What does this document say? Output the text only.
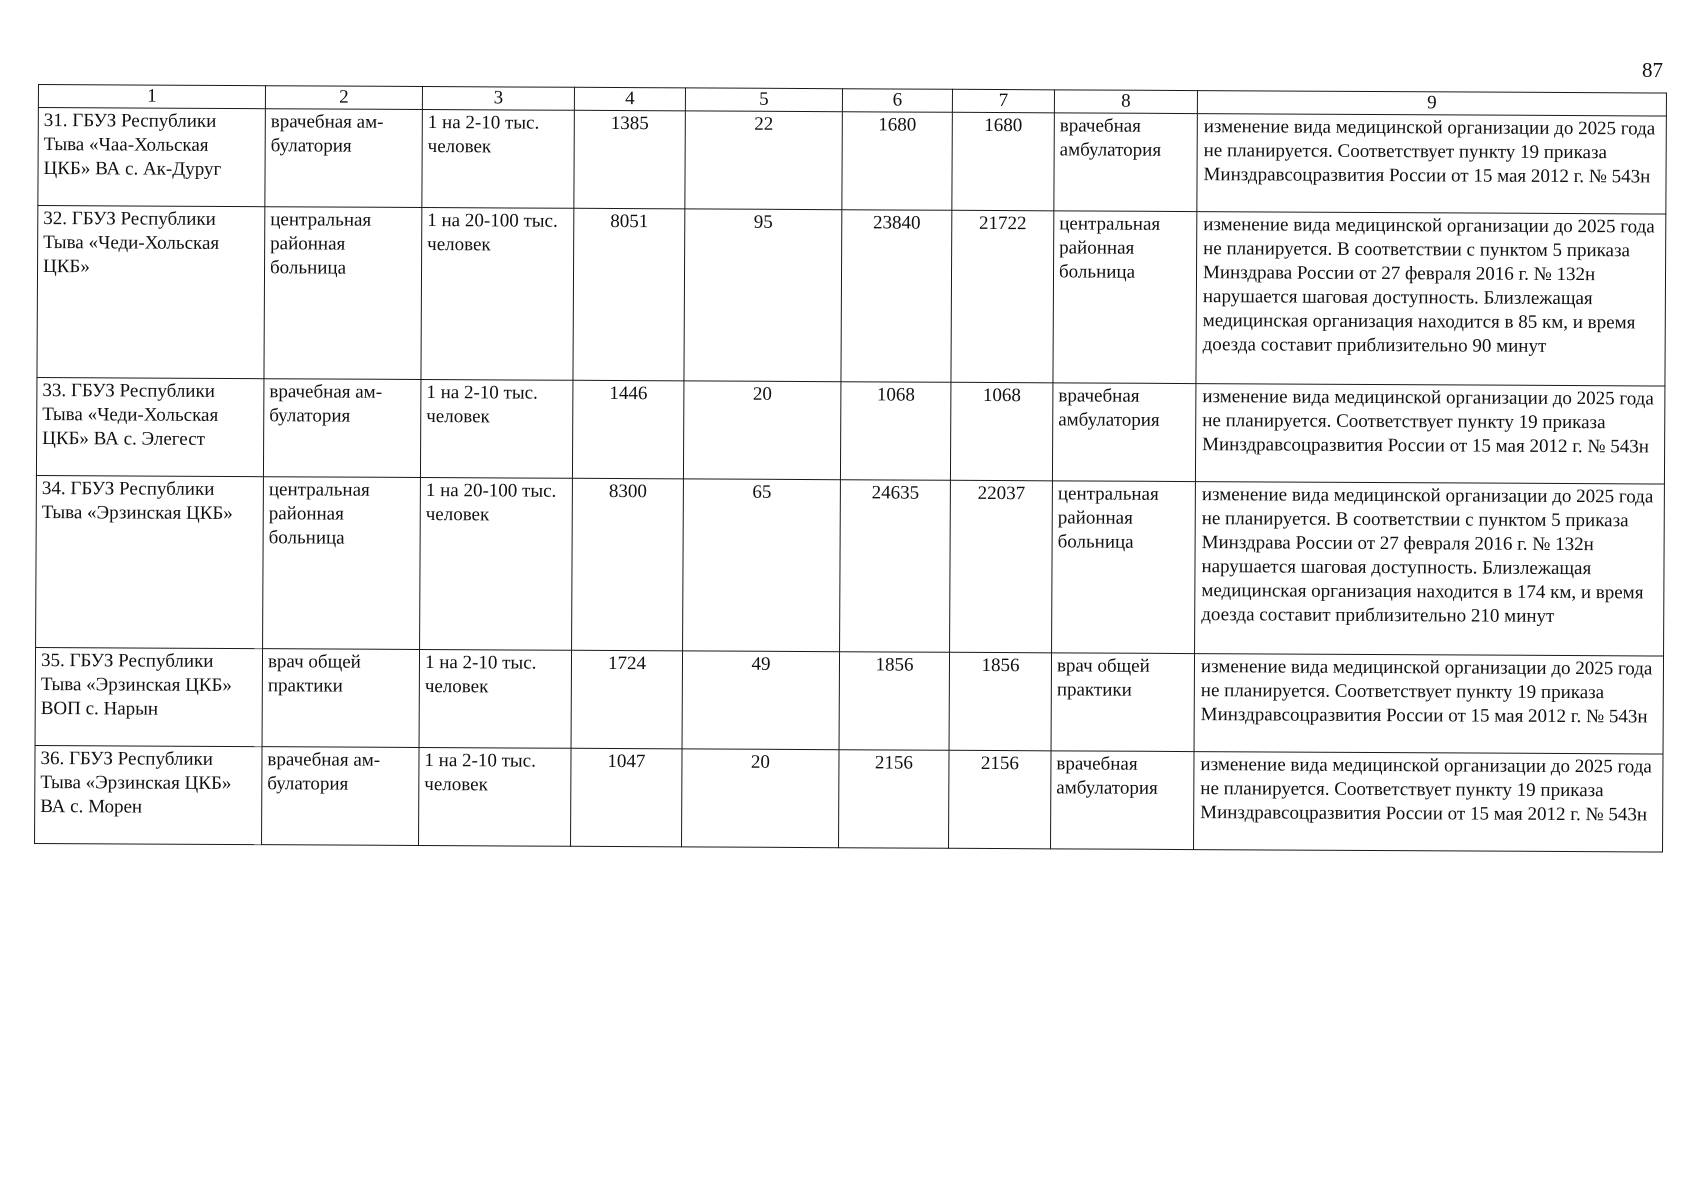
87
1	2	3	4	5	6	7	8	9
31. ГБУЗ Республики Тыва «Чаа-Хольская ЦКБ» ВА с. Ак-Дуруг	врачебная ам-булатория	1 на 2-10 тыс. человек	1385	22	1680	1680	врачебная амбулатория	изменение вида медицинской организации до 2025 года не планируется. Соответствует пункту 19 приказа Минздравсоцразвития России от 15 мая 2012 г. № 543н
32. ГБУЗ Республики Тыва «Чеди-Хольская ЦКБ»	центральная районная больница	1 на 20-100 тыс. человек	8051	95	23840	21722	центральная районная больница	изменение вида медицинской организации до 2025 года не планируется. В соответствии с пунктом 5 приказа Минздрава России от 27 февраля 2016 г. № 132н нарушается шаговая доступность. Близлежащая медицинская организация находится в 85 км, и время доезда составит приблизительно 90 минут
33. ГБУЗ Республики Тыва «Чеди-Хольская ЦКБ» ВА с. Элегест	врачебная ам-булатория	1 на 2-10 тыс. человек	1446	20	1068	1068	врачебная амбулатория	изменение вида медицинской организации до 2025 года не планируется. Соответствует пункту 19 приказа Минздравсоцразвития России от 15 мая 2012 г. № 543н
34. ГБУЗ Республики Тыва «Эрзинская ЦКБ»	центральная районная больница	1 на 20-100 тыс. человек	8300	65	24635	22037	центральная районная больница	изменение вида медицинской организации до 2025 года не планируется. В соответствии с пунктом 5 приказа Минздрава России от 27 февраля 2016 г. № 132н нарушается шаговая доступность. Близлежащая медицинская организация находится в 174 км, и время доезда составит приблизительно 210 минут
35. ГБУЗ Республики Тыва «Эрзинская ЦКБ» ВОП с. Нарын	врач общей практики	1 на 2-10 тыс. человек	1724	49	1856	1856	врач общей практики	изменение вида медицинской организации до 2025 года не планируется. Соответствует пункту 19 приказа Минздравсоцразвития России от 15 мая 2012 г. № 543н
36. ГБУЗ Республики Тыва «Эрзинская ЦКБ» ВА с. Морен	врачебная ам-булатория	1 на 2-10 тыс. человек	1047	20	2156	2156	врачебная амбулатория	изменение вида медицинской организации до 2025 года не планируется. Соответствует пункту 19 приказа Минздравсоцразвития России от 15 мая 2012 г. № 543н
